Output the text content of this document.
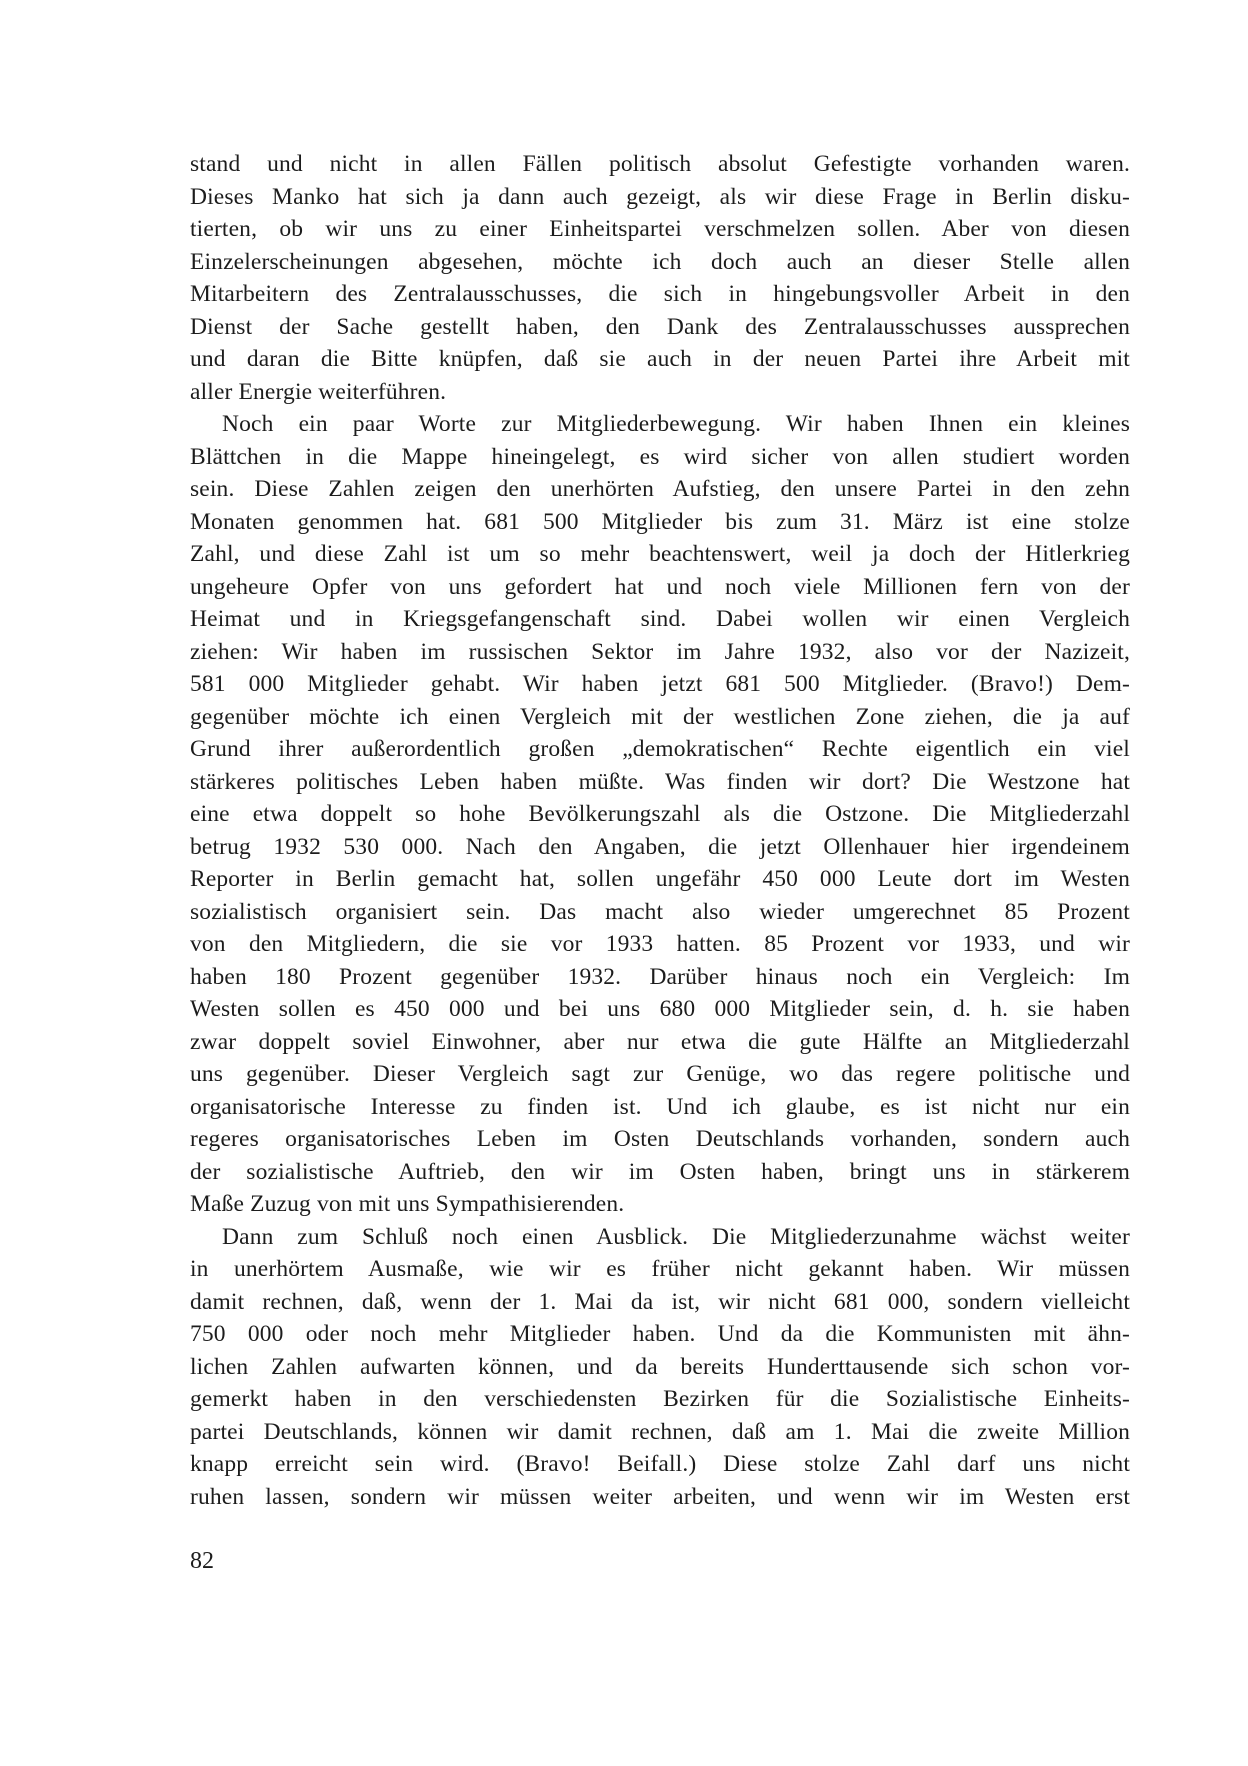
stand und nicht in allen Fällen politisch absolut Gefestigte vorhanden waren.
Dieses Manko hat sich ja dann auch gezeigt, als wir diese Frage in Berlin disku-
tierten, ob wir uns zu einer Einheitspartei verschmelzen sollen. Aber von diesen
Einzelerscheinungen abgesehen, möchte ich doch auch an dieser Stelle allen
Mitarbeitern des Zentralausschusses, die sich in hingebungsvoller Arbeit in den
Dienst der Sache gestellt haben, den Dank des Zentralausschusses aussprechen
und daran die Bitte knüpfen, daß sie auch in der neuen Partei ihre Arbeit mit
aller Energie weiterführen.
Noch ein paar Worte zur Mitgliederbewegung. Wir haben Ihnen ein kleines
Blättchen in die Mappe hineingelegt, es wird sicher von allen studiert worden
sein. Diese Zahlen zeigen den unerhörten Aufstieg, den unsere Partei in den zehn
Monaten genommen hat. 681 500 Mitglieder bis zum 31. März ist eine stolze
Zahl, und diese Zahl ist um so mehr beachtenswert, weil ja doch der Hitlerkrieg
ungeheure Opfer von uns gefordert hat und noch viele Millionen fern von der
Heimat und in Kriegsgefangenschaft sind. Dabei wollen wir einen Vergleich
ziehen: Wir haben im russischen Sektor im Jahre 1932, also vor der Nazizeit,
581 000 Mitglieder gehabt. Wir haben jetzt 681 500 Mitglieder. (Bravo!) Dem-
gegenüber möchte ich einen Vergleich mit der westlichen Zone ziehen, die ja auf
Grund ihrer außerordentlich großen „demokratischen“ Rechte eigentlich ein viel
stärkeres politisches Leben haben müßte. Was finden wir dort? Die Westzone hat
eine etwa doppelt so hohe Bevölkerungszahl als die Ostzone. Die Mitgliederzahl
betrug 1932 530 000. Nach den Angaben, die jetzt Ollenhauer hier irgendeinem
Reporter in Berlin gemacht hat, sollen ungefähr 450 000 Leute dort im Westen
sozialistisch organisiert sein. Das macht also wieder umgerechnet 85 Prozent
von den Mitgliedern, die sie vor 1933 hatten. 85 Prozent vor 1933, und wir
haben 180 Prozent gegenüber 1932. Darüber hinaus noch ein Vergleich: Im
Westen sollen es 450 000 und bei uns 680 000 Mitglieder sein, d. h. sie haben
zwar doppelt soviel Einwohner, aber nur etwa die gute Hälfte an Mitgliederzahl
uns gegenüber. Dieser Vergleich sagt zur Genüge, wo das regere politische und
organisatorische Interesse zu finden ist. Und ich glaube, es ist nicht nur ein
regeres organisatorisches Leben im Osten Deutschlands vorhanden, sondern auch
der sozialistische Auftrieb, den wir im Osten haben, bringt uns in stärkerem
Maße Zuzug von mit uns Sympathisierenden.
Dann zum Schluß noch einen Ausblick. Die Mitgliederzunahme wächst weiter
in unerhörtem Ausmaße, wie wir es früher nicht gekannt haben. Wir müssen
damit rechnen, daß, wenn der 1. Mai da ist, wir nicht 681 000, sondern vielleicht
750 000 oder noch mehr Mitglieder haben. Und da die Kommunisten mit ähn-
lichen Zahlen aufwarten können, und da bereits Hunderttausende sich schon vor-
gemerkt haben in den verschiedensten Bezirken für die Sozialistische Einheits-
partei Deutschlands, können wir damit rechnen, daß am 1. Mai die zweite Million
knapp erreicht sein wird. (Bravo! Beifall.) Diese stolze Zahl darf uns nicht
ruhen lassen, sondern wir müssen weiter arbeiten, und wenn wir im Westen erst
82
